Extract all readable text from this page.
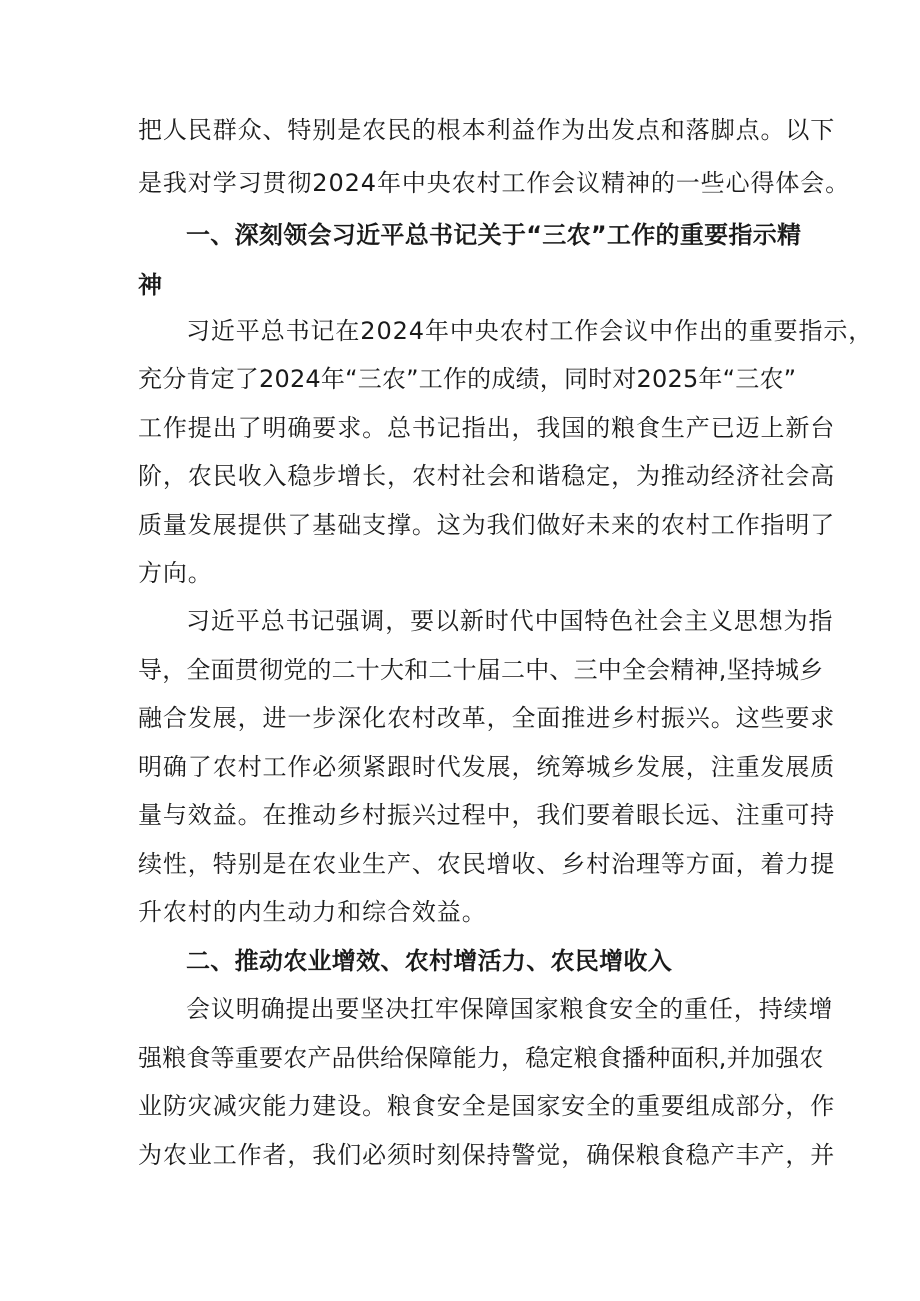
把人民群众、特别是农民的根本利益作为出发点和落脚点。以下

是我对学习贯彻2024年中央农村工作会议精神的一些心得体会。

一、深刻领会习近平总书记关于“三农”工作的重要指示精

神

习近平总书记在2024年中央农村工作会议中作出的重要指示，

充分肯定了2024年“三农”工作的成绩，同时对2025年“三农”

工作提出了明确要求。总书记指出，我国的粮食生产已迈上新台

阶，农民收入稳步增长，农村社会和谐稳定，为推动经济社会高

质量发展提供了基础支撑。这为我们做好未来的农村工作指明了

方向。

习近平总书记强调，要以新时代中国特色社会主义思想为指

导，全面贯彻党的二十大和二十届二中、三中全会精神,坚持城乡

融合发展，进一步深化农村改革，全面推进乡村振兴。这些要求

明确了农村工作必须紧跟时代发展，统筹城乡发展，注重发展质

量与效益。在推动乡村振兴过程中，我们要着眼长远、注重可持

续性，特别是在农业生产、农民增收、乡村治理等方面，着力提

升农村的内生动力和综合效益。

二、推动农业增效、农村增活力、农民增收入

会议明确提出要坚决扛牢保障国家粮食安全的重任，持续增

强粮食等重要农产品供给保障能力，稳定粮食播种面积,并加强农

业防灾减灾能力建设。粮食安全是国家安全的重要组成部分，作

为农业工作者，我们必须时刻保持警觉，确保粮食稳产丰产，并
